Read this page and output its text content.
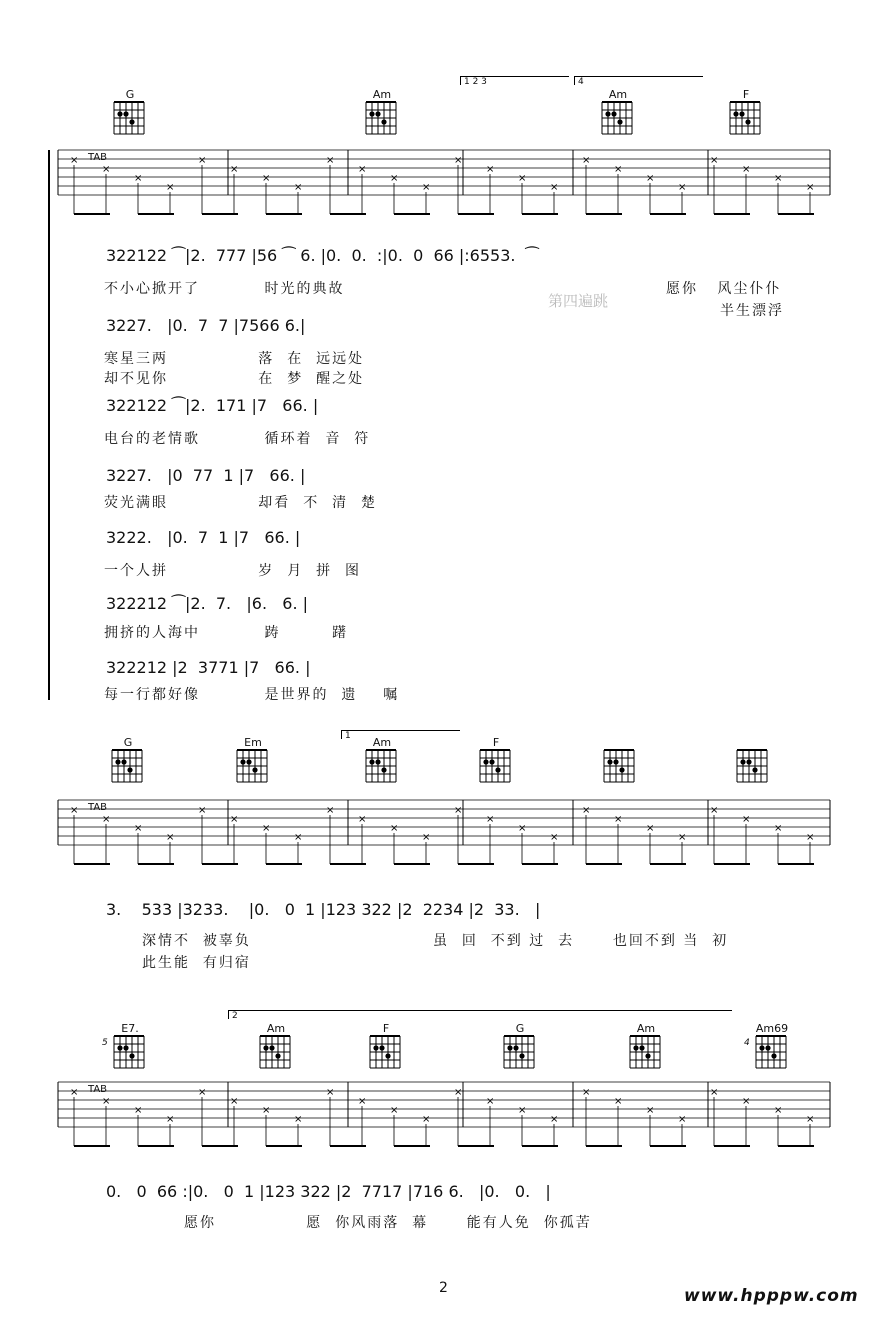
G	Am	Am	F
1 2 3	4
×
×
×
×
×
×
×
×
×
×
×
×
×
×
×
×
×
×
×
×
×
×
×
×
TAB
322122 ⁀|2.  777 |56 ⁀ 6. |0.  0.  :|0.  0  66 |:6553.  ⁀
3227.   |0.  7  7 |7566 6.|
322122 ⁀|2.  171 |7   66. |
3227.   |0  77  1 |7   66. |
3222.   |0.  7  1 |7   66. |
322212 ⁀|2.  7.   |6.   6. |
322212 |2  3771 |7   66. |
不小心掀开了          时光的典故	愿你   风尘仆仆
半生漂浮
寒星三两              落  在  远远处
却不见你              在  梦  醒之处
电台的老情歌          循环着  音  符
荧光满眼              却看  不  清  楚
一个人拼              岁  月  拼  图
拥挤的人海中          踌        躇
每一行都好像          是世界的  遗    嘱
G	Em	Am	F
1
×
×
×
×
×
×
×
×
×
×
×
×
×
×
×
×
×
×
×
×
×
×
×
×
TAB
3.    533 |3233.    |0.   0  1 |123 322 |2  2234 |2  33.   |
深情不  被辜负
此生能  有归宿
虽  回  不到 过  去      也回不到 当  初
E7.
5
Am	F	G	Am	Am69
4
2
×
×
×
×
×
×
×
×
×
×
×
×
×
×
×
×
×
×
×
×
×
×
×
×
TAB
0.   0  66 :|0.   0  1 |123 322 |2  7717 |716 6.   |0.   0.   |
愿你              愿  你风雨落  幕      能有人免  你孤苦
第四遍跳
2	www.hpppw.com
